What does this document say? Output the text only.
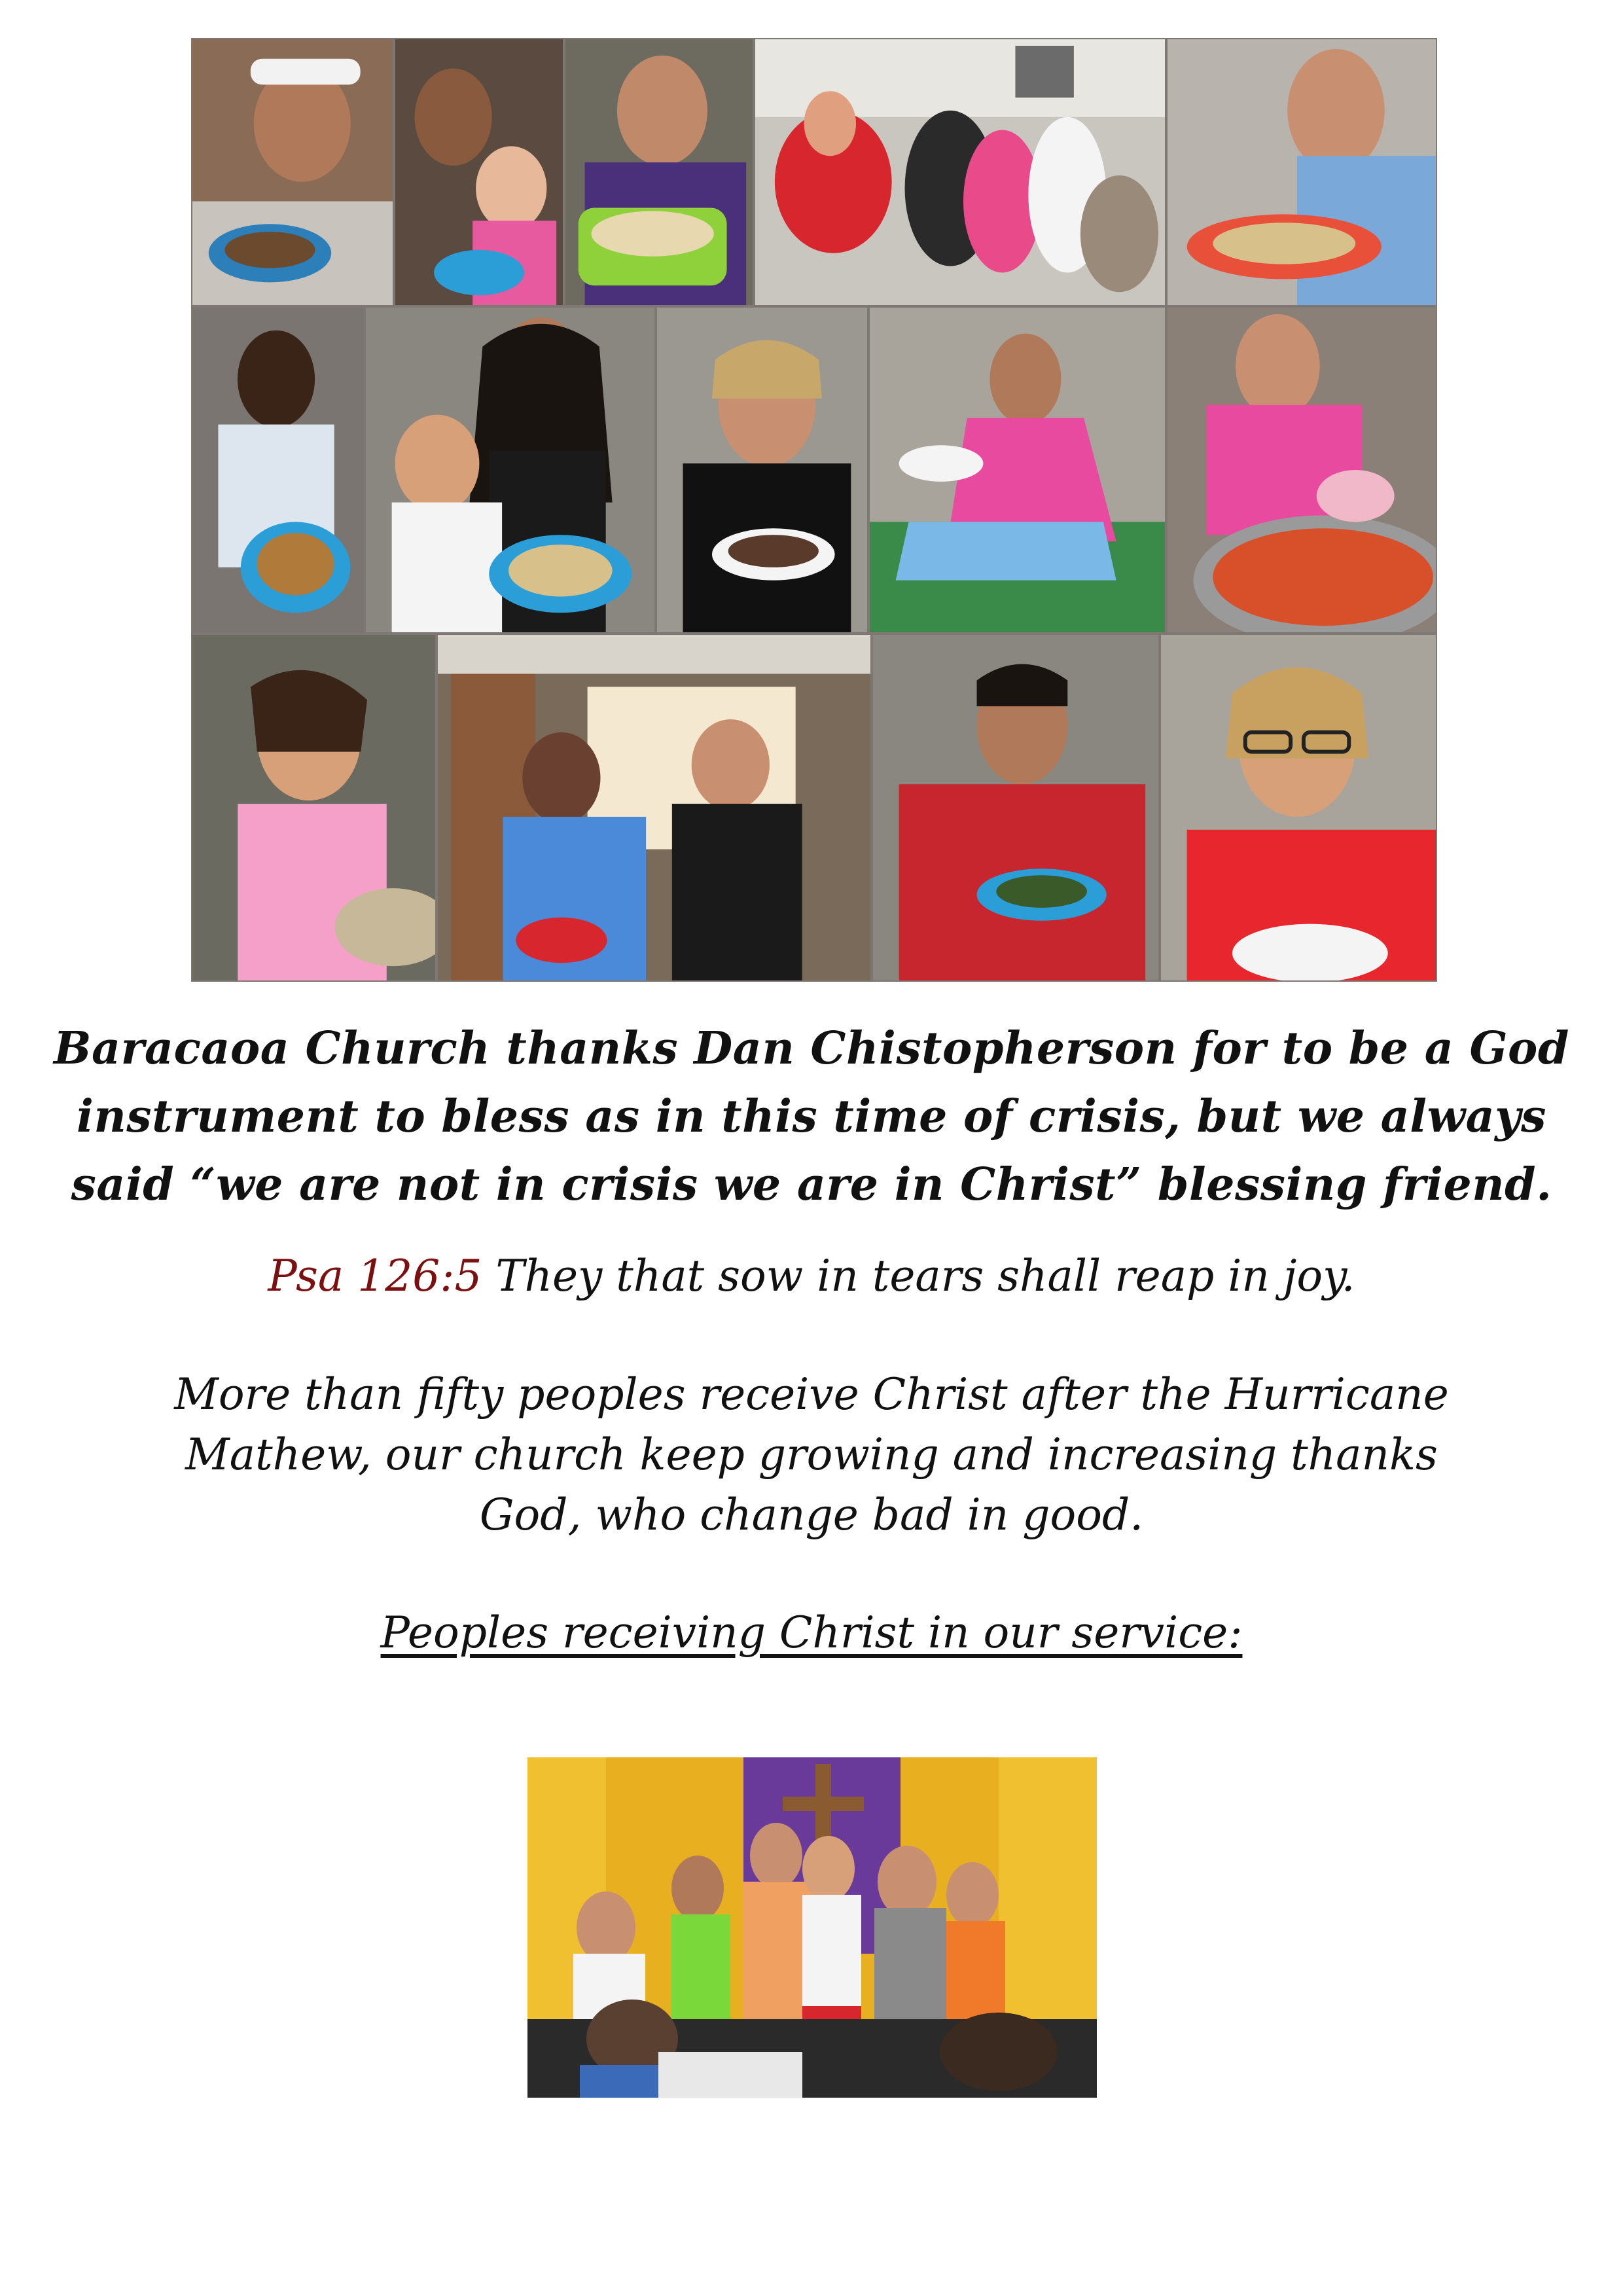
Baracaoa Church thanks Dan Chistopherson for to be a God
instrument to bless as in this time of crisis, but we always
said “we are not in crisis we are in Christ” blessing friend.

Psa 126:5 They that sow in tears shall reap in joy.

More than fifty peoples receive Christ after the Hurricane
Mathew, our church keep growing and increasing thanks
God, who change bad in good.

Peoples receiving Christ in our service:
